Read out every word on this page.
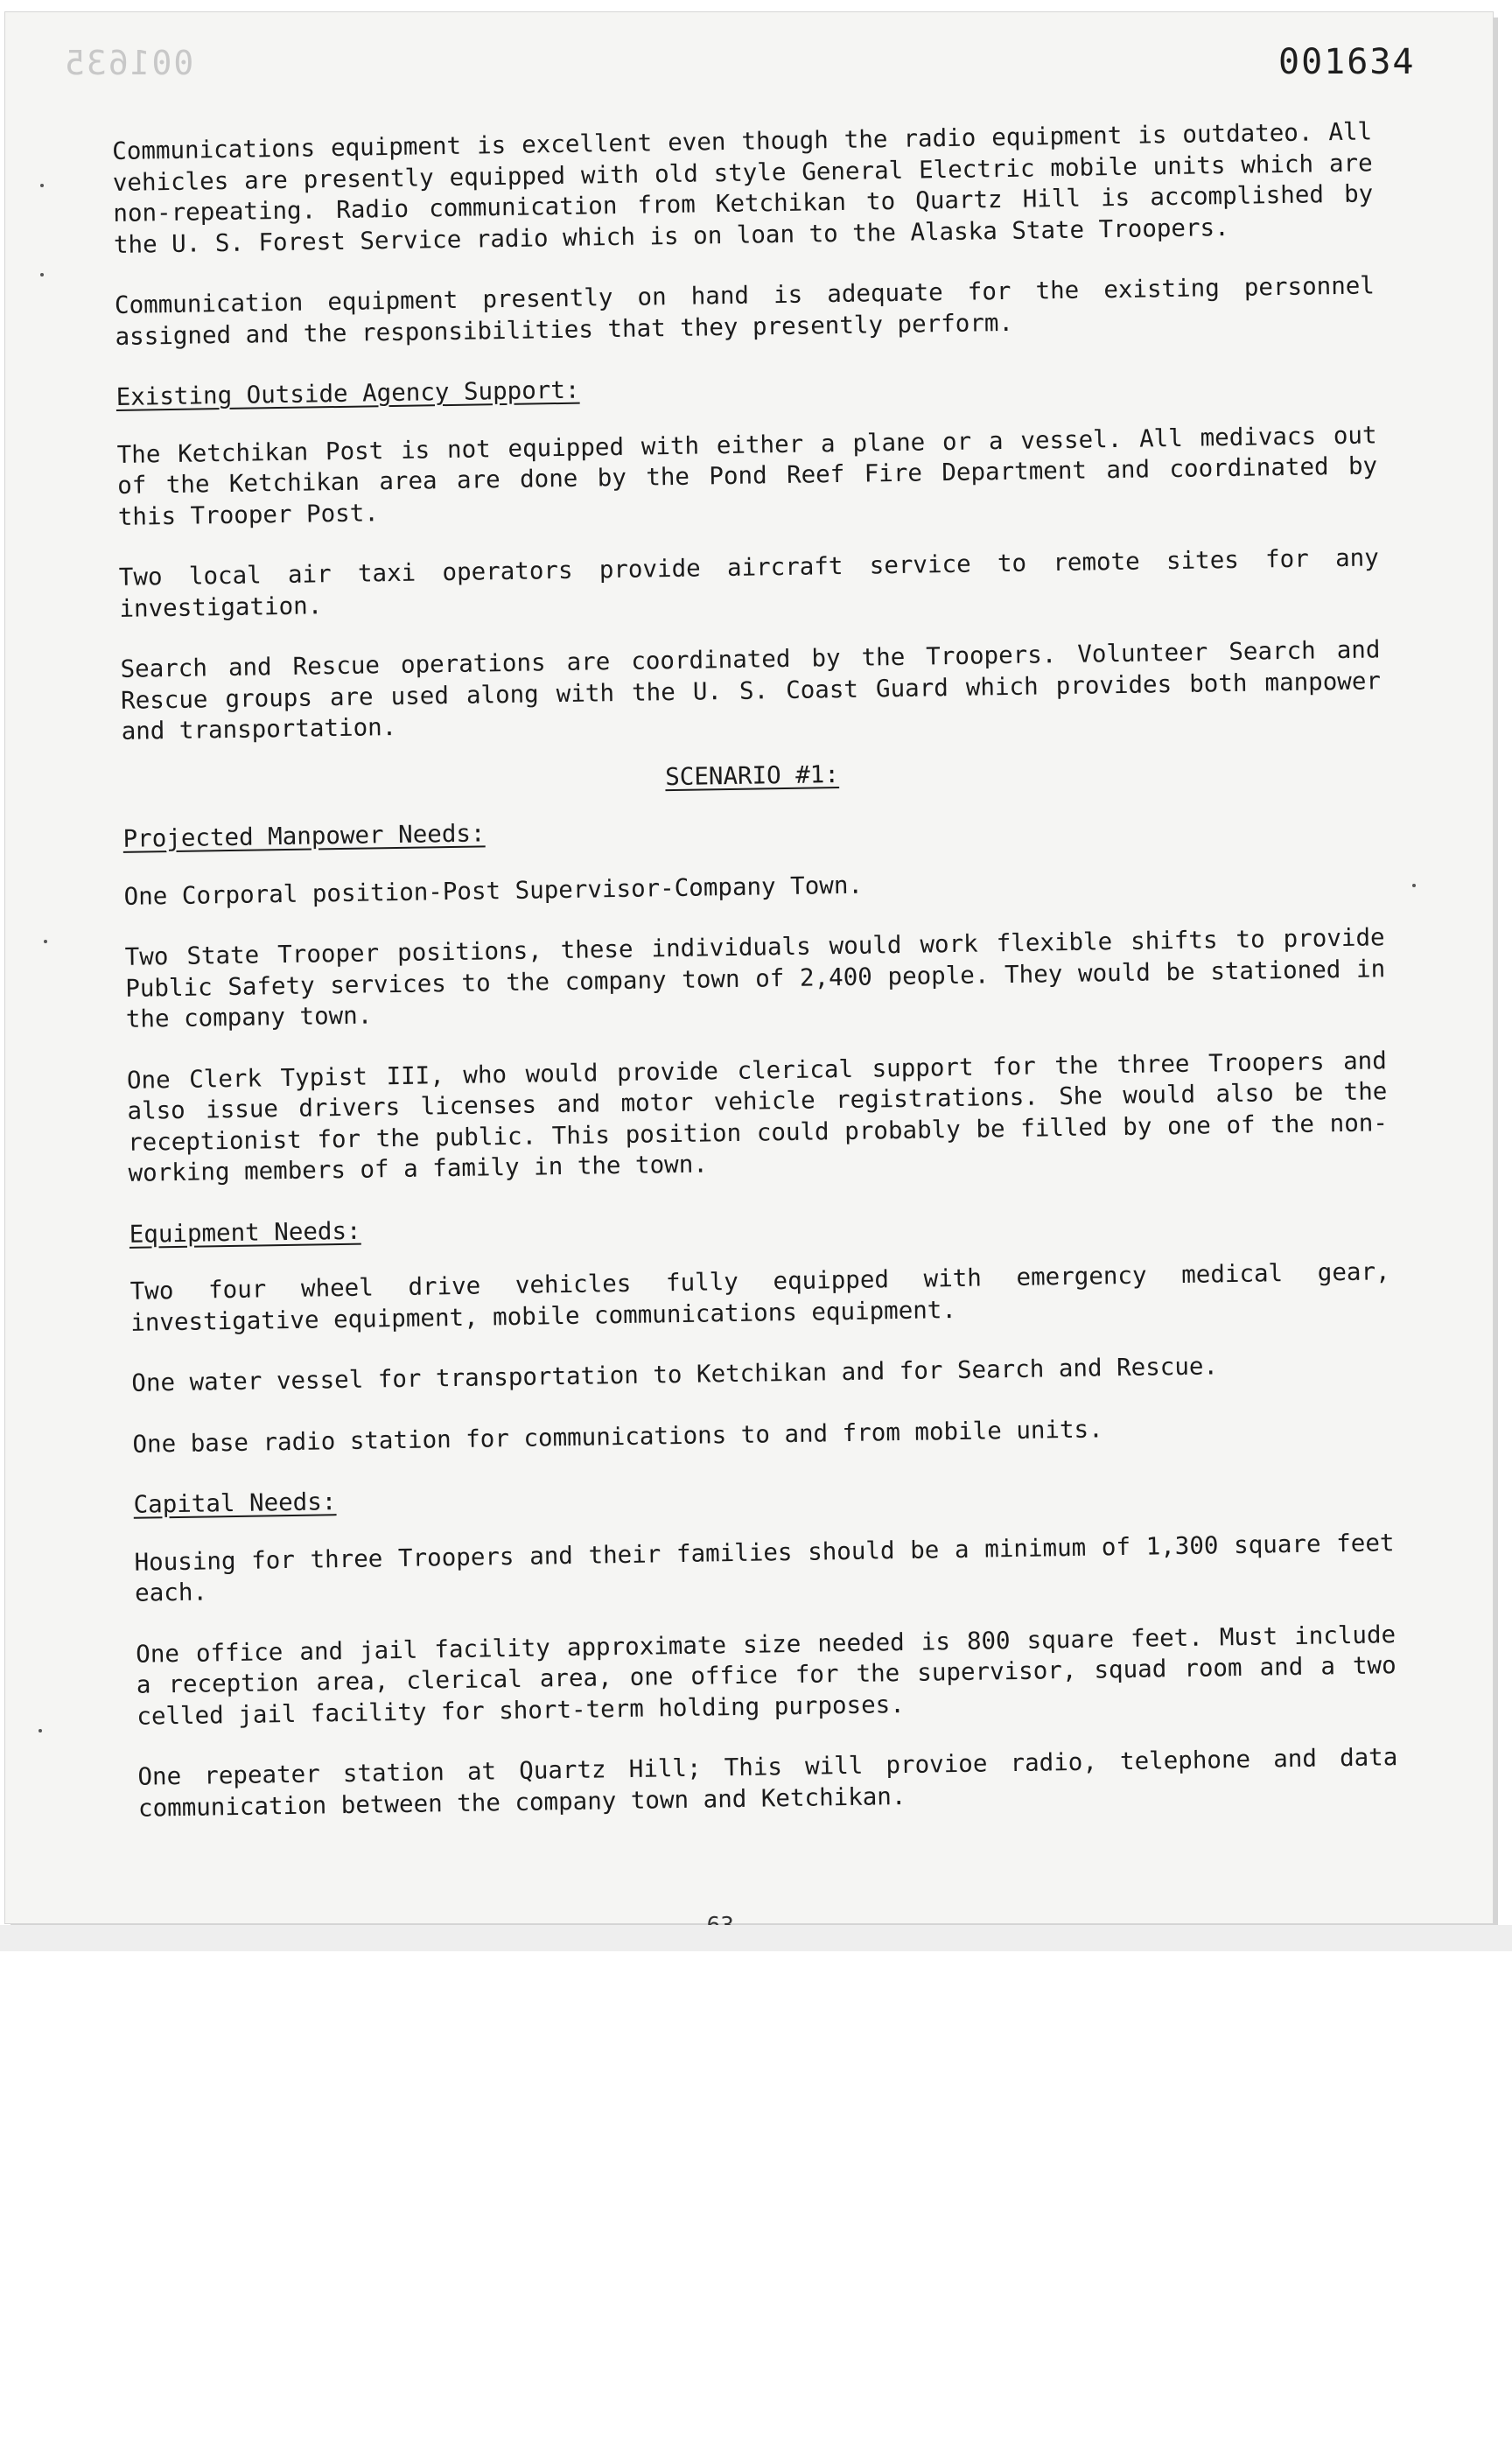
001635	001634

Communications equipment is excellent even though the radio equipment is outdateo. All vehicles are presently equipped with old style General Electric mobile units which are non-repeating. Radio communication from Ketchikan to Quartz Hill is accomplished by the U. S. Forest Service radio which is on loan to the Alaska State Troopers.

Communication equipment presently on hand is adequate for the existing personnel assigned and the responsibilities that they presently perform.

Existing Outside Agency Support:

The Ketchikan Post is not equipped with either a plane or a vessel. All medivacs out of the Ketchikan area are done by the Pond Reef Fire Department and coordinated by this Trooper Post.

Two local air taxi operators provide aircraft service to remote sites for any investigation.

Search and Rescue operations are coordinated by the Troopers. Volunteer Search and Rescue groups are used along with the U. S. Coast Guard which provides both manpower and transportation.

SCENARIO #1:
Projected Manpower Needs:

One Corporal position-Post Supervisor-Company Town.

Two State Trooper positions, these individuals would work flexible shifts to provide Public Safety services to the company town of 2,400 people. They would be stationed in the company town.

One Clerk Typist III, who would provide clerical support for the three Troopers and also issue drivers licenses and motor vehicle registrations. She would also be the receptionist for the public. This position could probably be filled by one of the non-working members of a family in the town.

Equipment Needs:

Two four wheel drive vehicles fully equipped with emergency medical gear, investigative equipment, mobile communications equipment.

One water vessel for transportation to Ketchikan and for Search and Rescue.

One base radio station for communications to and from mobile units.

Capital Needs:

Housing for three Troopers and their families should be a minimum of 1,300 square feet each.

One office and jail facility approximate size needed is 800 square feet. Must include a reception area, clerical area, one office for the supervisor, squad room and a two celled jail facility for short-term holding purposes.

One repeater station at Quartz Hill; This will provioe radio, telephone and data communication between the company town and Ketchikan.
